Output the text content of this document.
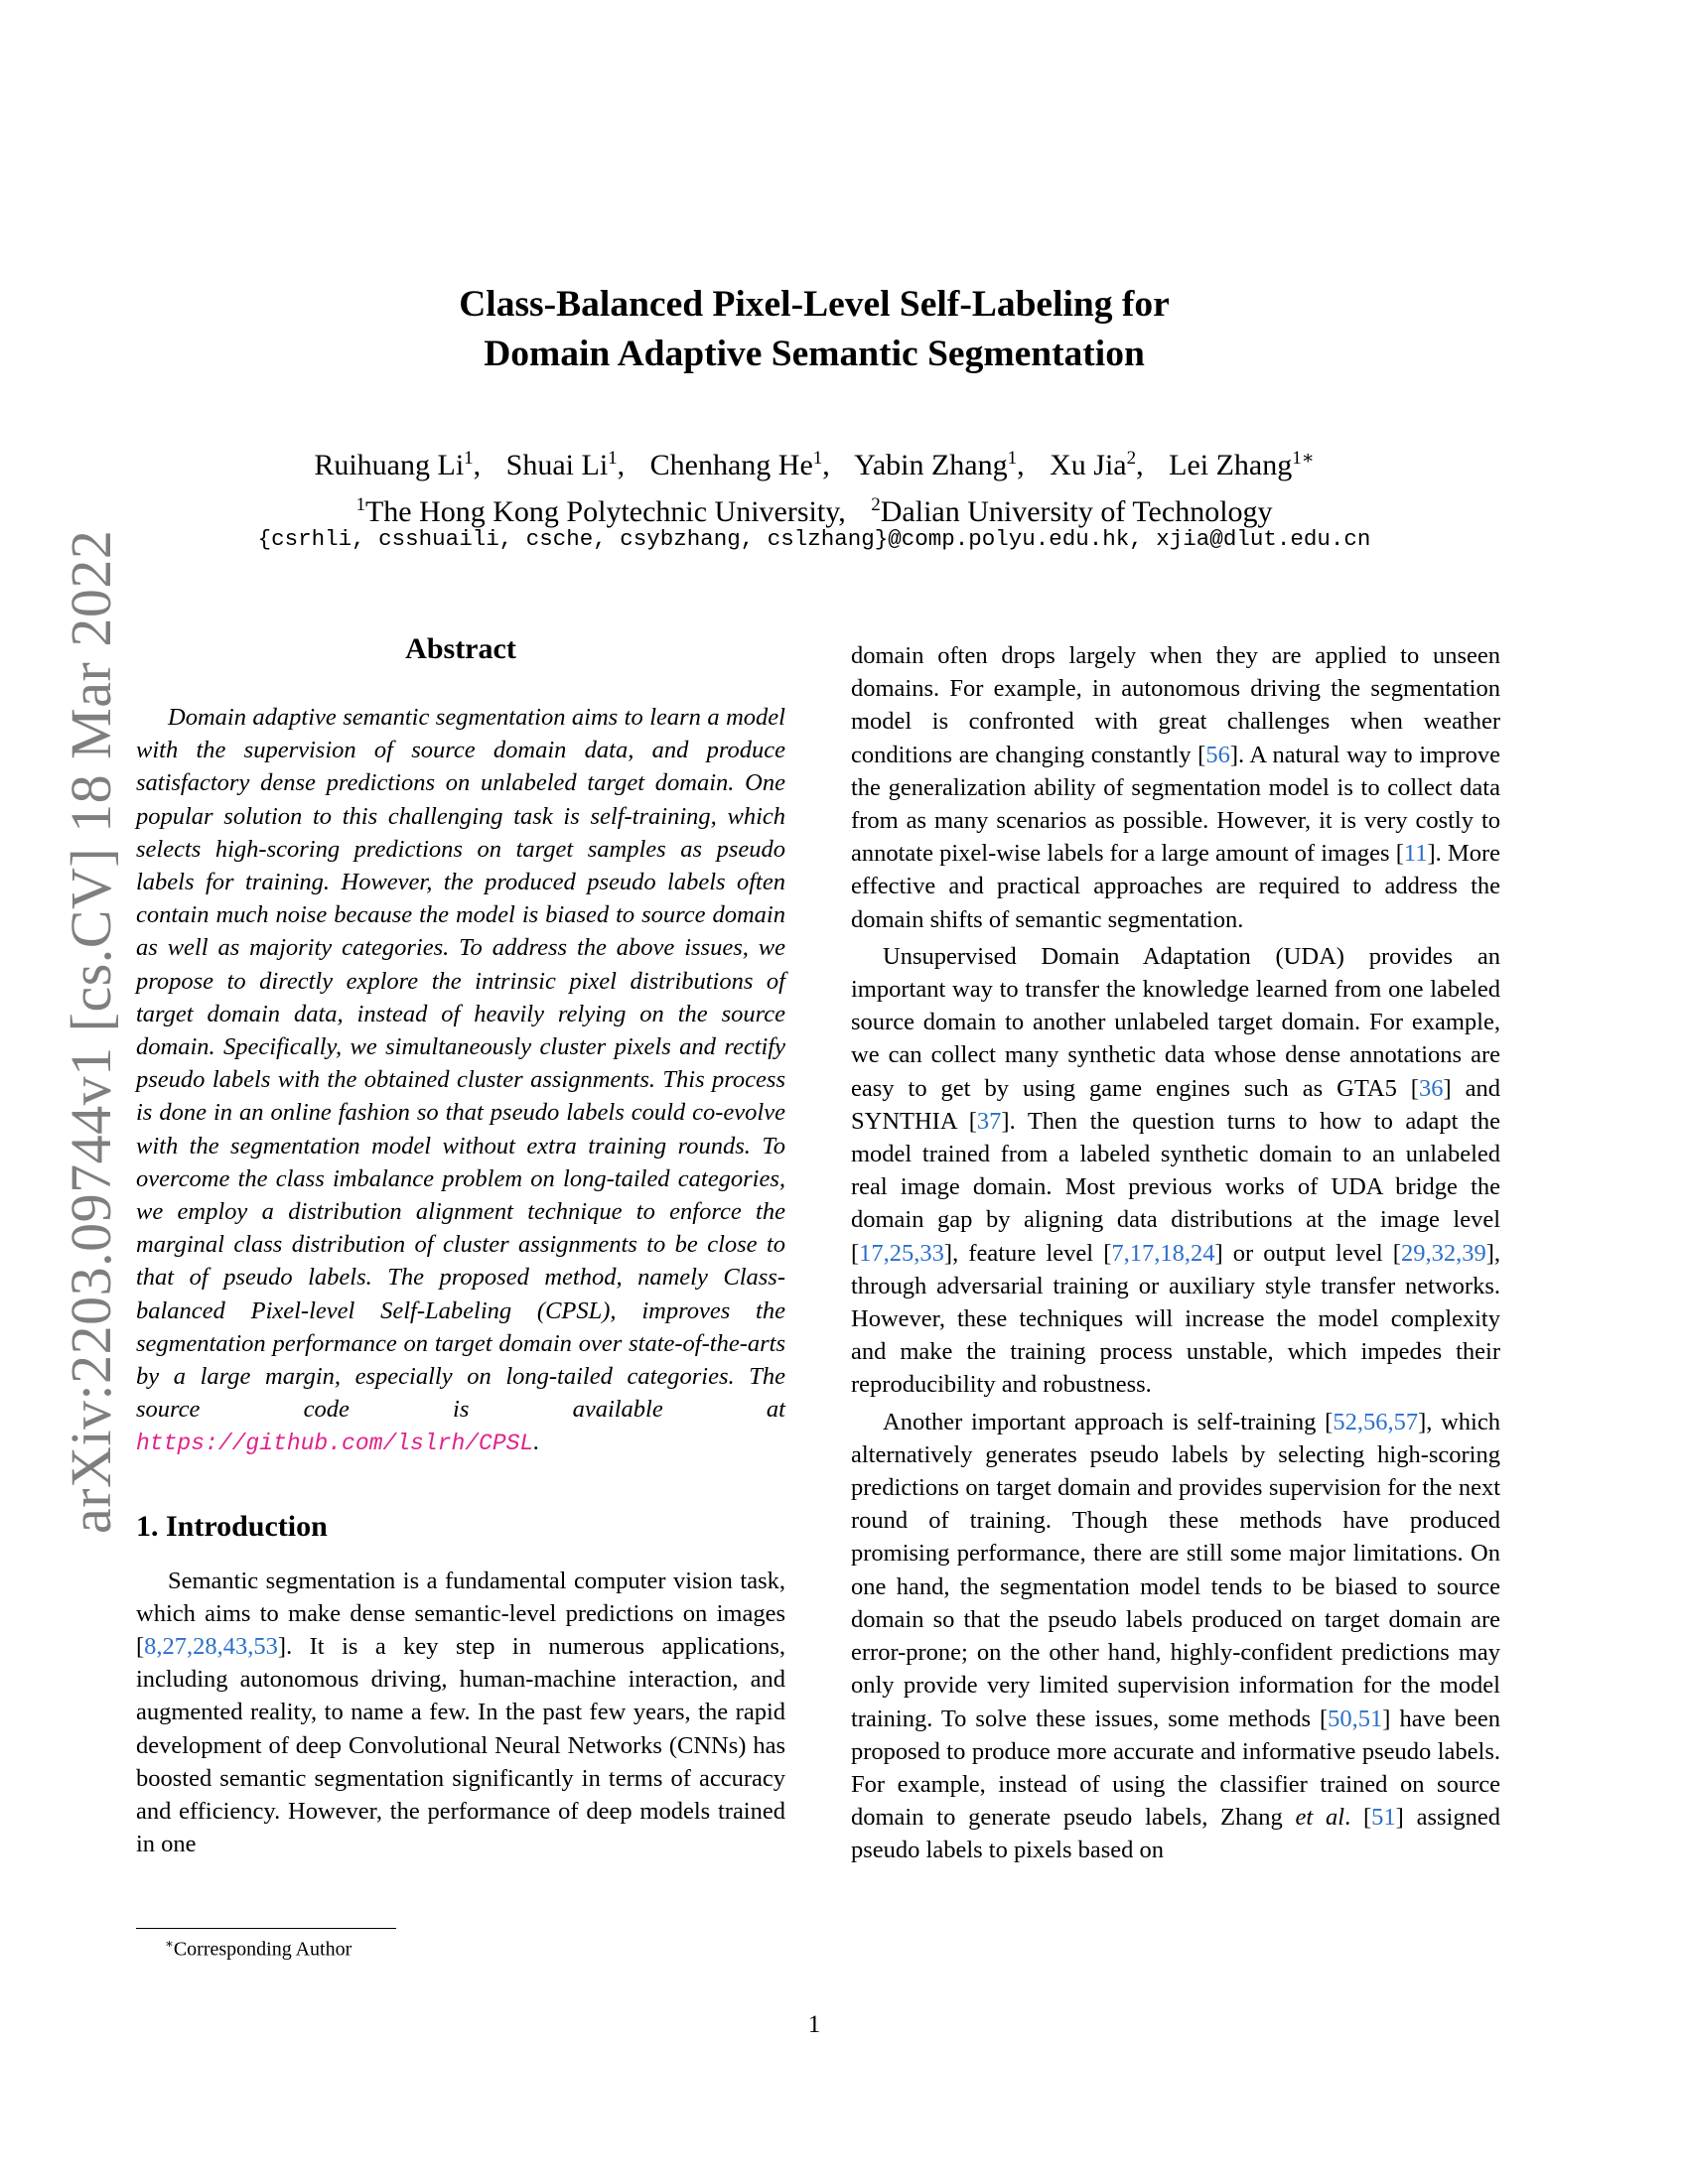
arXiv:2203.09744v1 [cs.CV] 18 Mar 2022
Class-Balanced Pixel-Level Self-Labeling for
Domain Adaptive Semantic Segmentation
Ruihuang Li$^1$, Shuai Li$^1$, Chenhang He$^1$, Yabin Zhang$^1$, Xu Jia$^2$, Lei Zhang$^{1∗}$
$^1$The Hong Kong Polytechnic University, $^2$Dalian University of Technology
{csrhli, csshuaili, csche, csybzhang, cslzhang}@comp.polyu.edu.hk, xjia@dlut.edu.cn
Abstract

Domain adaptive semantic segmentation aims to learn a model with the supervision of source domain data, and produce satisfactory dense predictions on unlabeled target domain. One popular solution to this challenging task is self-training, which selects high-scoring predictions on target samples as pseudo labels for training. However, the produced pseudo labels often contain much noise because the model is biased to source domain as well as majority categories. To address the above issues, we propose to directly explore the intrinsic pixel distributions of target domain data, instead of heavily relying on the source domain. Specifically, we simultaneously cluster pixels and rectify pseudo labels with the obtained cluster assignments. This process is done in an online fashion so that pseudo labels could co-evolve with the segmentation model without extra training rounds. To overcome the class imbalance problem on long-tailed categories, we employ a distribution alignment technique to enforce the marginal class distribution of cluster assignments to be close to that of pseudo labels. The proposed method, namely Class-balanced Pixel-level Self-Labeling (CPSL), improves the segmentation performance on target domain over state-of-the-arts by a large margin, especially on long-tailed categories. The source code is available at https://github.com/lslrh/CPSL.

1. Introduction

Semantic segmentation is a fundamental computer vision task, which aims to make dense semantic-level predictions on images [8,27,28,43,53]. It is a key step in numerous applications, including autonomous driving, human-machine interaction, and augmented reality, to name a few. In the past few years, the rapid development of deep Convolutional Neural Networks (CNNs) has boosted semantic segmentation significantly in terms of accuracy and efficiency. However, the performance of deep models trained in one

domain often drops largely when they are applied to unseen domains. For example, in autonomous driving the segmentation model is confronted with great challenges when weather conditions are changing constantly [56]. A natural way to improve the generalization ability of segmentation model is to collect data from as many scenarios as possible. However, it is very costly to annotate pixel-wise labels for a large amount of images [11]. More effective and practical approaches are required to address the domain shifts of semantic segmentation.

Unsupervised Domain Adaptation (UDA) provides an important way to transfer the knowledge learned from one labeled source domain to another unlabeled target domain. For example, we can collect many synthetic data whose dense annotations are easy to get by using game engines such as GTA5 [36] and SYNTHIA [37]. Then the question turns to how to adapt the model trained from a labeled synthetic domain to an unlabeled real image domain. Most previous works of UDA bridge the domain gap by aligning data distributions at the image level [17,25,33], feature level [7,17,18,24] or output level [29,32,39], through adversarial training or auxiliary style transfer networks. However, these techniques will increase the model complexity and make the training process unstable, which impedes their reproducibility and robustness.

Another important approach is self-training [52,56,57], which alternatively generates pseudo labels by selecting high-scoring predictions on target domain and provides supervision for the next round of training. Though these methods have produced promising performance, there are still some major limitations. On one hand, the segmentation model tends to be biased to source domain so that the pseudo labels produced on target domain are error-prone; on the other hand, highly-confident predictions may only provide very limited supervision information for the model training. To solve these issues, some methods [50,51] have been proposed to produce more accurate and informative pseudo labels. For example, instead of using the classifier trained on source domain to generate pseudo labels, Zhang et al. [51] assigned pseudo labels to pixels based on

∗Corresponding Author
1
